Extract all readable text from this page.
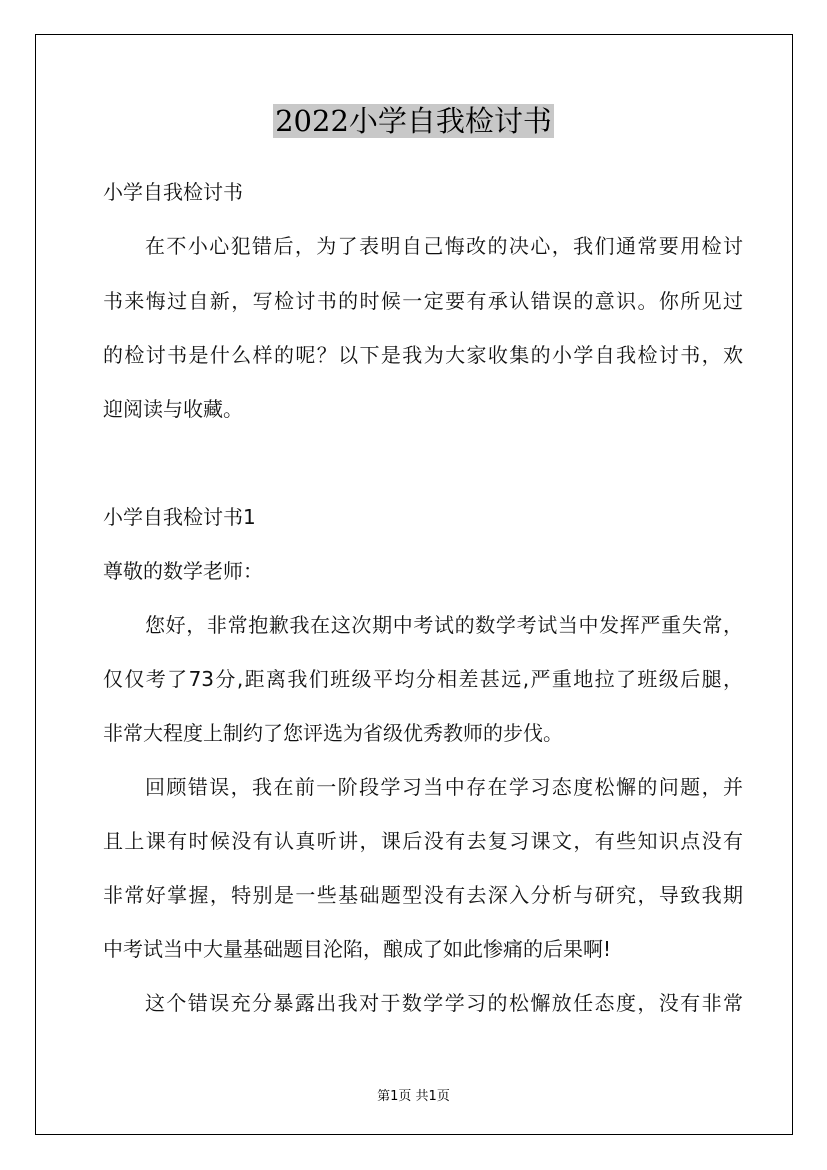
2022小学自我检讨书
小学自我检讨书
在不小心犯错后，为了表明自己悔改的决心，我们通常要用检讨
书来悔过自新，写检讨书的时候一定要有承认错误的意识。你所见过
的检讨书是什么样的呢？以下是我为大家收集的小学自我检讨书，欢
迎阅读与收藏。
小学自我检讨书1
尊敬的数学老师：
您好，非常抱歉我在这次期中考试的数学考试当中发挥严重失常，
仅仅考了73分,距离我们班级平均分相差甚远,严重地拉了班级后腿，
非常大程度上制约了您评选为省级优秀教师的步伐。
回顾错误，我在前一阶段学习当中存在学习态度松懈的问题，并
且上课有时候没有认真听讲，课后没有去复习课文，有些知识点没有
非常好掌握，特别是一些基础题型没有去深入分析与研究，导致我期
中考试当中大量基础题目沦陷，酿成了如此惨痛的后果啊!
这个错误充分暴露出我对于数学学习的松懈放任态度，没有非常
第1页 共1页
